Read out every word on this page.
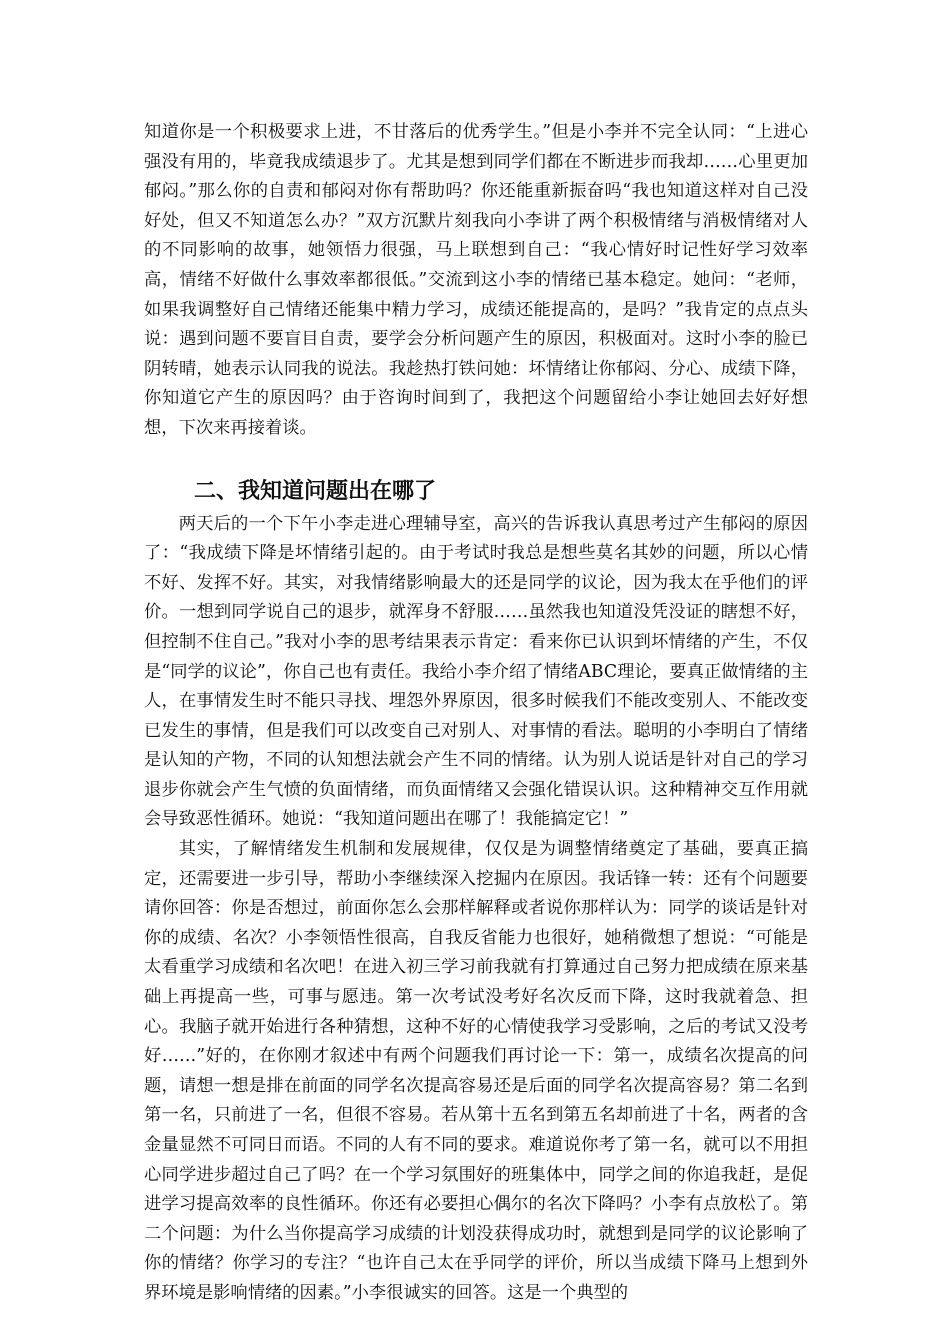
知道你是一个积极要求上进，不甘落后的优秀学生。”但是小李并不完全认同：“上进心强没有用的，毕竟我成绩退步了。尤其是想到同学们都在不断进步而我却……心里更加郁闷。”那么你的自责和郁闷对你有帮助吗？你还能重新振奋吗“我也知道这样对自己没好处，但又不知道怎么办？”双方沉默片刻我向小李讲了两个积极情绪与消极情绪对人的不同影响的故事，她领悟力很强，马上联想到自己：“我心情好时记性好学习效率高，情绪不好做什么事效率都很低。”交流到这小李的情绪已基本稳定。她问：“老师，如果我调整好自己情绪还能集中精力学习，成绩还能提高的，是吗？”我肯定的点点头说：遇到问题不要盲目自责，要学会分析问题产生的原因，积极面对。这时小李的脸已阴转晴，她表示认同我的说法。我趁热打铁问她：坏情绪让你郁闷、分心、成绩下降，你知道它产生的原因吗？由于咨询时间到了，我把这个问题留给小李让她回去好好想想，下次来再接着谈。

二、我知道问题出在哪了

两天后的一个下午小李走进心理辅导室，高兴的告诉我认真思考过产生郁闷的原因了：“我成绩下降是坏情绪引起的。由于考试时我总是想些莫名其妙的问题，所以心情不好、发挥不好。其实，对我情绪影响最大的还是同学的议论，因为我太在乎他们的评价。一想到同学说自己的退步，就浑身不舒服……虽然我也知道没凭没证的瞎想不好，但控制不住自己。”我对小李的思考结果表示肯定：看来你已认识到坏情绪的产生，不仅是“同学的议论”，你自己也有责任。我给小李介绍了情绪ABC理论，要真正做情绪的主人，在事情发生时不能只寻找、埋怨外界原因，很多时候我们不能改变别人、不能改变已发生的事情，但是我们可以改变自己对别人、对事情的看法。聪明的小李明白了情绪是认知的产物，不同的认知想法就会产生不同的情绪。认为别人说话是针对自己的学习退步你就会产生气愤的负面情绪，而负面情绪又会强化错误认识。这种精神交互作用就会导致恶性循环。她说：“我知道问题出在哪了！我能搞定它！”

其实，了解情绪发生机制和发展规律，仅仅是为调整情绪奠定了基础，要真正搞定，还需要进一步引导，帮助小李继续深入挖掘内在原因。我话锋一转：还有个问题要请你回答：你是否想过，前面你怎么会那样解释或者说你那样认为：同学的谈话是针对你的成绩、名次？小李领悟性很高，自我反省能力也很好，她稍微想了想说：“可能是太看重学习成绩和名次吧！在进入初三学习前我就有打算通过自己努力把成绩在原来基础上再提高一些，可事与愿违。第一次考试没考好名次反而下降，这时我就着急、担心。我脑子就开始进行各种猜想，这种不好的心情使我学习受影响，之后的考试又没考好……”好的，在你刚才叙述中有两个问题我们再讨论一下：第一，成绩名次提高的问题，请想一想是排在前面的同学名次提高容易还是后面的同学名次提高容易？第二名到第一名，只前进了一名，但很不容易。若从第十五名到第五名却前进了十名，两者的含金量显然不可同日而语。不同的人有不同的要求。难道说你考了第一名，就可以不用担心同学进步超过自己了吗？在一个学习氛围好的班集体中，同学之间的你追我赶，是促进学习提高效率的良性循环。你还有必要担心偶尔的名次下降吗？小李有点放松了。第二个问题：为什么当你提高学习成绩的计划没获得成功时，就想到是同学的议论影响了你的情绪？你学习的专注？“也许自己太在乎同学的评价，所以当成绩下降马上想到外界环境是影响情绪的因素。”小李很诚实的回答。这是一个典型的
